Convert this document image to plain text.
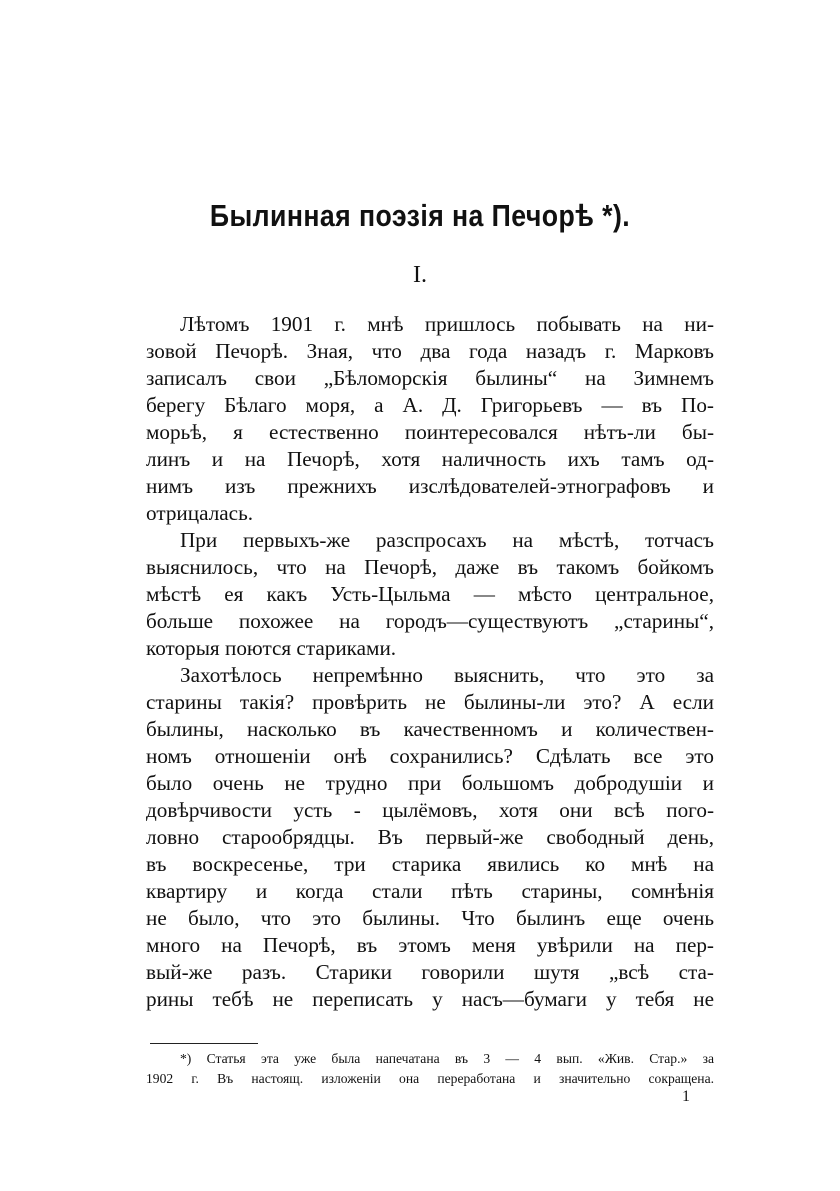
Былинная поэзія на Печорѣ *).
I.
Лѣтомъ 1901 г. мнѣ пришлось побывать на ни-
зовой Печорѣ. Зная, что два года назадъ г. Марковъ
записалъ свои „Бѣломорскія былины“ на Зимнемъ
берегу Бѣлаго моря, а А. Д. Григорьевъ — въ По-
морьѣ, я естественно поинтересовался нѣтъ-ли бы-
линъ и на Печорѣ, хотя наличность ихъ тамъ од-
нимъ изъ прежнихъ изслѣдователей-этнографовъ и
отрицалась.
При первыхъ-же разспросахъ на мѣстѣ, тотчасъ
выяснилось, что на Печорѣ, даже въ такомъ бойкомъ
мѣстѣ ея какъ Усть-Цыльма — мѣсто центральное,
больше похожее на городъ—существуютъ „старины“,
которыя поются стариками.
Захотѣлось непремѣнно выяснить, что это за
старины такія? провѣрить не былины-ли это? А если
былины, насколько въ качественномъ и количествен-
номъ отношеніи онѣ сохранились? Сдѣлать все это
было очень не трудно при большомъ добродушіи и
довѣрчивости усть - цылёмовъ, хотя они всѣ пого-
ловно старообрядцы. Въ первый-же свободный день,
въ воскресенье, три старика явились ко мнѣ на
квартиру и когда стали пѣть старины, сомнѣнія
не было, что это былины. Что былинъ еще очень
много на Печорѣ, въ этомъ меня увѣрили на пер-
вый-же разъ. Старики говорили шутя „всѣ ста-
рины тебѣ не переписать у насъ—бумаги у тебя не
*) Статья эта уже была напечатана въ 3 — 4 вып. «Жив. Стар.» за
1902 г. Въ настоящ. изложеніи она переработана и значительно сокращена.
1
